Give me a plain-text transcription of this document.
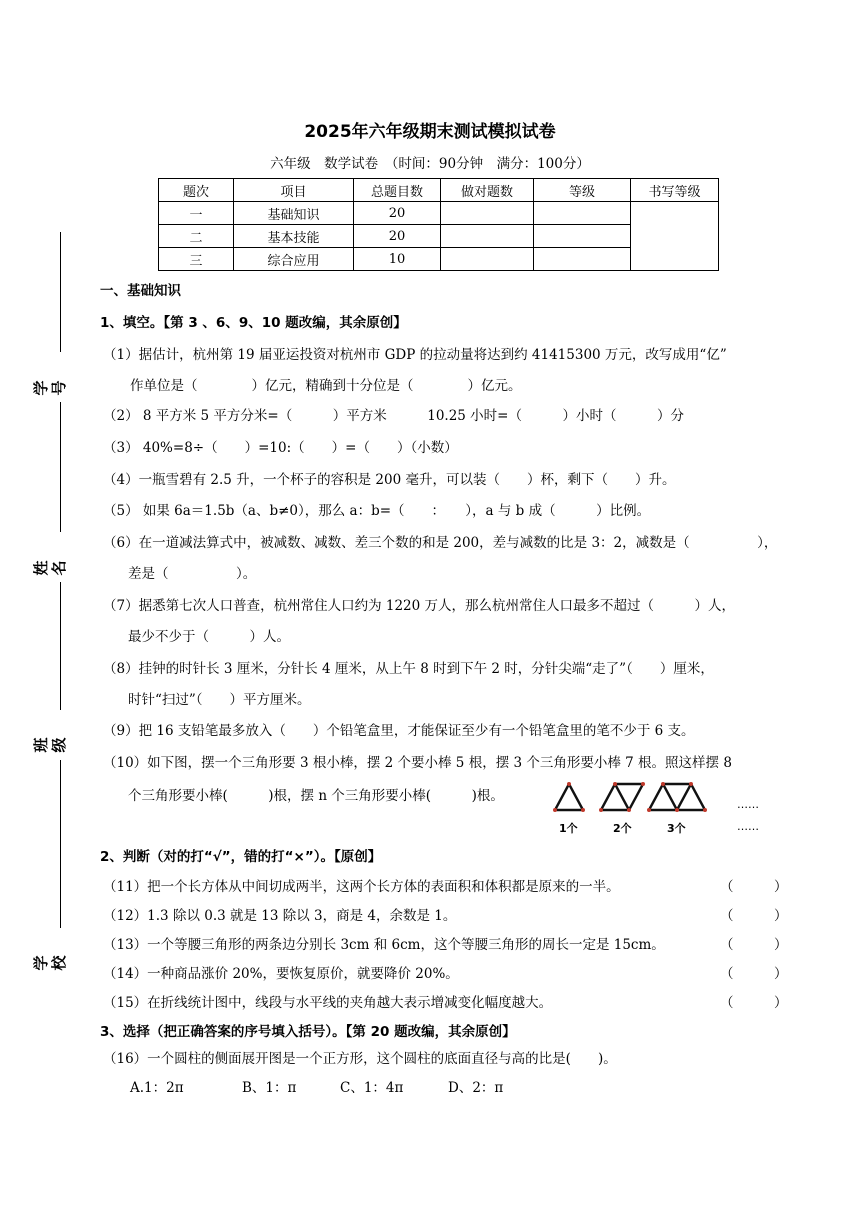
2025年六年级期末测试模拟试卷
六年级　数学试卷　（时间：90分钟　满分：100分）
题次	项目	总题目数	做对题数	等级	书写等级
一	基础知识	20			
二	基本技能	20			
三	综合应用	10			
学号
姓名
班级
学校
一、基础知识
1、填空。【第 3 、6、9、10 题改编，其余原创】
（1）据估计，杭州第 19 届亚运投资对杭州市 GDP 的拉动量将达到约 41415300 万元，改写成用“亿”
作单位是（　　　　）亿元，精确到十分位是（　　　　）亿元。
（2） 8 平方米 5 平方分米=（　　　）平方米　　　10.25 小时=（　　　）小时（　　　）分
（3） 40%=8÷（　　）=10:（　　）=（　　）（小数）
（4）一瓶雪碧有 2.5 升，一个杯子的容积是 200 毫升，可以装（　　）杯，剩下（　　）升。
（5） 如果 6a＝1.5b（a、b≠0），那么 a：b=（　　：　　），a 与 b 成（　　　）比例。
（6）在一道减法算式中，被减数、减数、差三个数的和是 200，差与减数的比是 3：2，减数是（　　　　　），
差是（　　　　　）。
（7）据悉第七次人口普查，杭州常住人口约为 1220 万人，那么杭州常住人口最多不超过（　　　）人，
最少不少于（　　　）人。
（8）挂钟的时针长 3 厘米，分针长 4 厘米，从上午 8 时到下午 2 时，分针尖端“走了”（　　）厘米，
时针“扫过”（　　）平方厘米。
（9）把 16 支铅笔最多放入（　　）个铅笔盒里，才能保证至少有一个铅笔盒里的笔不少于 6 支。
（10）如下图，摆一个三角形要 3 根小棒，摆 2 个要小棒 5 根，摆 3 个三角形要小棒 7 根。照这样摆 8
个三角形要小棒(　　　)根，摆 n 个三角形要小棒(　　　)根。
1个	2个	3个
……
……
2、判断（对的打“√”，错的打“×”）。【原创】
（11）把一个长方体从中间切成两半，这两个长方体的表面积和体积都是原来的一半。	（　　　）
（12）1.3 除以 0.3 就是 13 除以 3，商是 4，余数是 1。	（　　　）
（13）一个等腰三角形的两条边分别长 3cm 和 6cm，这个等腰三角形的周长一定是 15cm。	（　　　）
（14）一种商品涨价 20%，要恢复原价，就要降价 20%。	（　　　）
（15）在折线统计图中，线段与水平线的夹角越大表示增减变化幅度越大。	（　　　）
3、选择（把正确答案的序号填入括号）。【第 20 题改编，其余原创】
（16）一个圆柱的侧面展开图是一个正方形，这个圆柱的底面直径与高的比是(　　)。
A.1：2π	B、1：π	C、1：4π	D、2：π
